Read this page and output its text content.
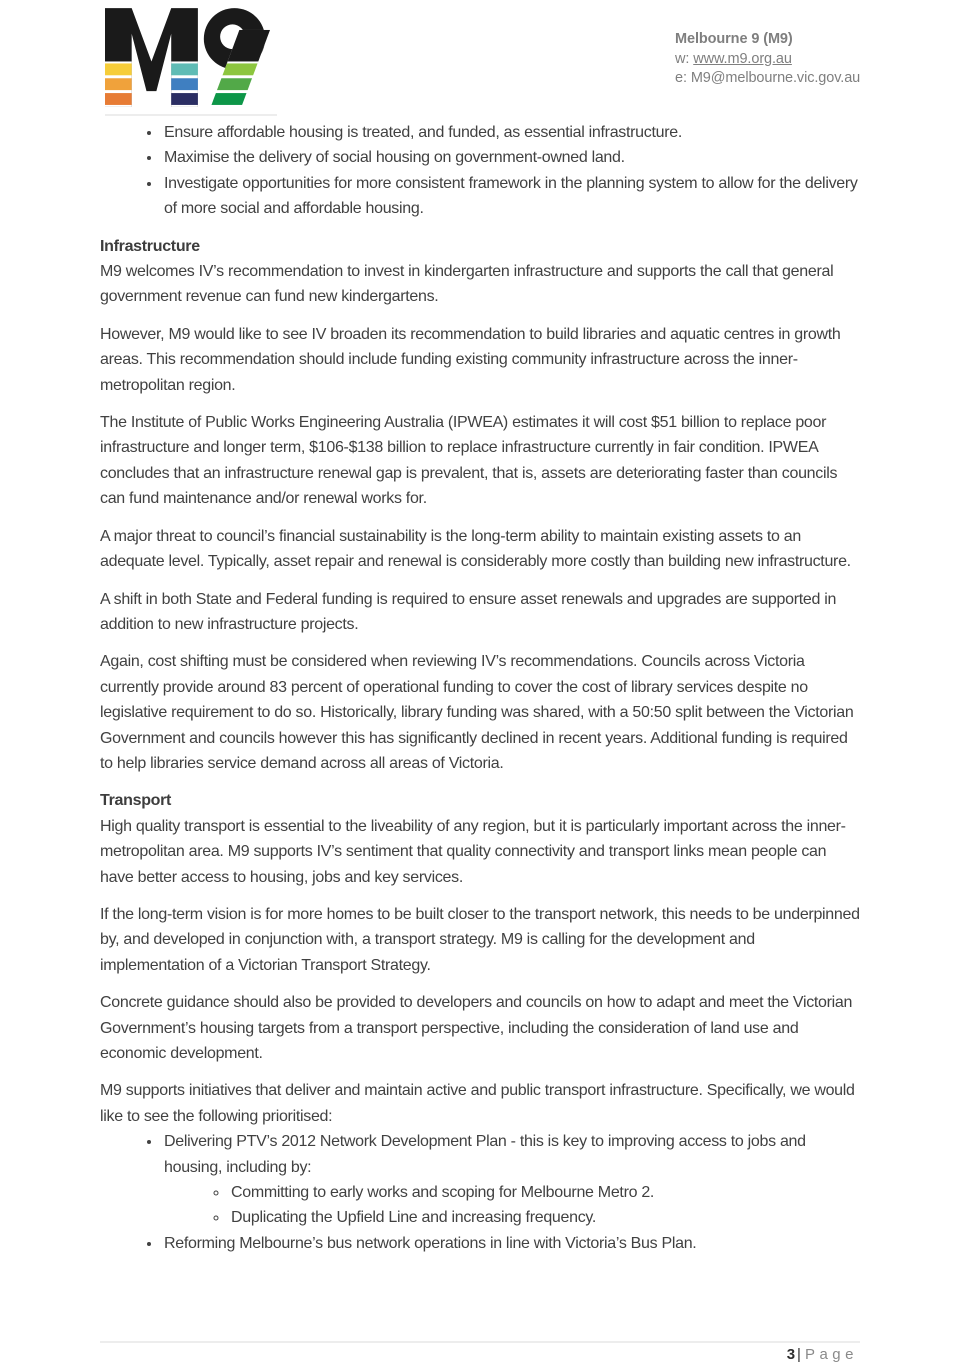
Melbourne 9 (M9)
w: www.m9.org.au
e: M9@melbourne.vic.gov.au
• Ensure affordable housing is treated, and funded, as essential infrastructure.
• Maximise the delivery of social housing on government-owned land.
• Investigate opportunities for more consistent framework in the planning system to allow for the delivery of more social and affordable housing.
Infrastructure

M9 welcomes IV’s recommendation to invest in kindergarten infrastructure and supports the call that general government revenue can fund new kindergartens.

However, M9 would like to see IV broaden its recommendation to build libraries and aquatic centres in growth areas. This recommendation should include funding existing community infrastructure across the inner-metropolitan region.

The Institute of Public Works Engineering Australia (IPWEA) estimates it will cost $51 billion to replace poor infrastructure and longer term, $106-$138 billion to replace infrastructure currently in fair condition. IPWEA concludes that an infrastructure renewal gap is prevalent, that is, assets are deteriorating faster than councils can fund maintenance and/or renewal works for.

A major threat to council’s financial sustainability is the long-term ability to maintain existing assets to an adequate level. Typically, asset repair and renewal is considerably more costly than building new infrastructure.

A shift in both State and Federal funding is required to ensure asset renewals and upgrades are supported in addition to new infrastructure projects.

Again, cost shifting must be considered when reviewing IV’s recommendations. Councils across Victoria currently provide around 83 percent of operational funding to cover the cost of library services despite no legislative requirement to do so. Historically, library funding was shared, with a 50:50 split between the Victorian Government and councils however this has significantly declined in recent years. Additional funding is required to help libraries service demand across all areas of Victoria.

Transport

High quality transport is essential to the liveability of any region, but it is particularly important across the inner-metropolitan area. M9 supports IV’s sentiment that quality connectivity and transport links mean people can have better access to housing, jobs and key services.

If the long-term vision is for more homes to be built closer to the transport network, this needs to be underpinned by, and developed in conjunction with, a transport strategy. M9 is calling for the development and implementation of a Victorian Transport Strategy.

Concrete guidance should also be provided to developers and councils on how to adapt and meet the Victorian Government’s housing targets from a transport perspective, including the consideration of land use and economic development.

M9 supports initiatives that deliver and maintain active and public transport infrastructure. Specifically, we would like to see the following prioritised:

• Delivering PTV’s 2012 Network Development Plan - this is key to improving access to jobs and housing, including by:
◦ Committing to early works and scoping for Melbourne Metro 2.
◦ Duplicating the Upfield Line and increasing frequency.
• Reforming Melbourne’s bus network operations in line with Victoria’s Bus Plan.
3 | Page
